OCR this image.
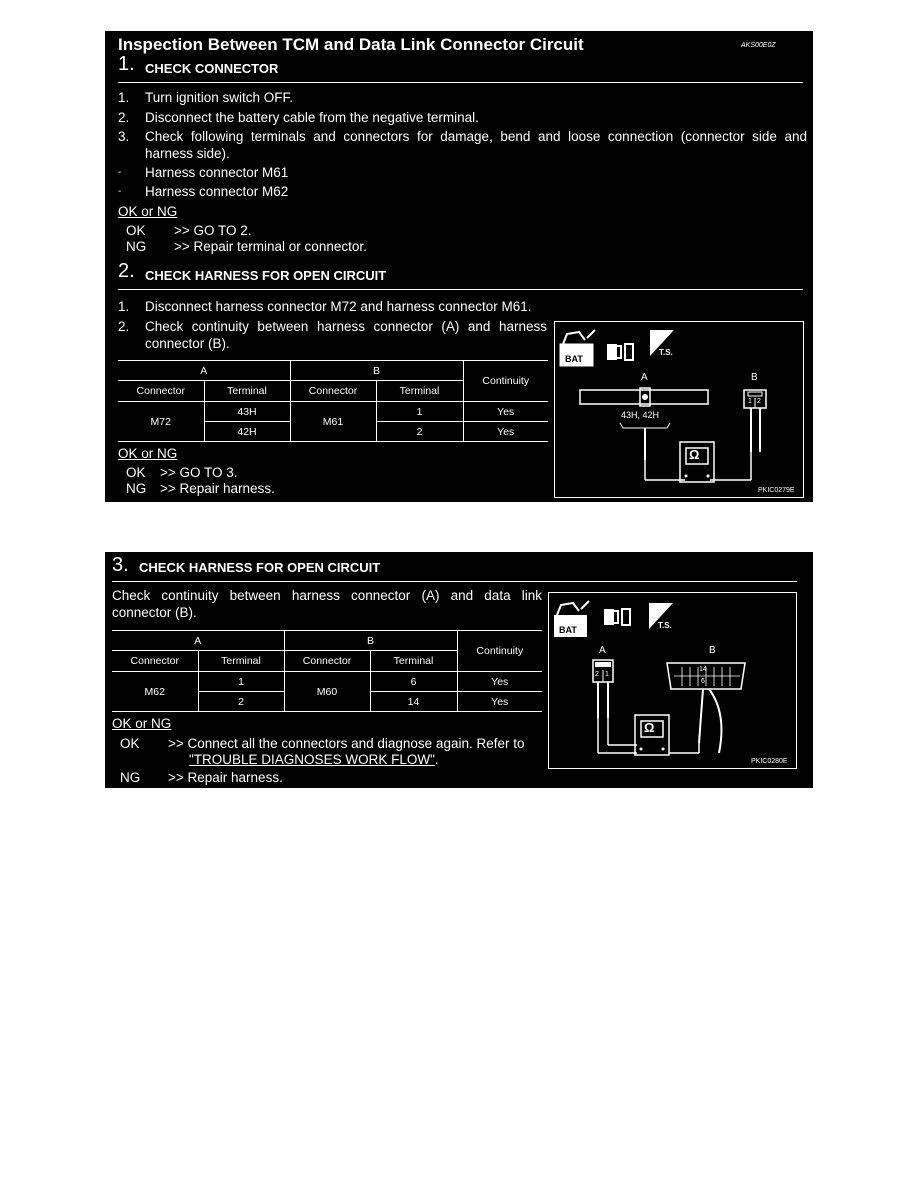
Inspection Between TCM and Data Link Connector Circuit	AKS00E0Z
1. CHECK CONNECTOR
1. Turn ignition switch OFF.
2. Disconnect the battery cable from the negative terminal.
3. Check following terminals and connectors for damage, bend and loose connection (connector side and harness side).
- Harness connector M61
- Harness connector M62
OK or NG
OK >> GO TO 2.
NG >> Repair terminal or connector.
2. CHECK HARNESS FOR OPEN CIRCUIT
1. Disconnect harness connector M72 and harness connector M61.
2. Check continuity between harness connector (A) and harness connector (B).
A		B		Continuity
Connector	Terminal	Connector	Terminal	
M72	43H	M61	1	Yes
	42H		2	Yes
OK or NG
OK >> GO TO 3.
NG >> Repair harness.
BAT
T.S.
A	B
43H, 42H
1 2
Ω
PKIC0279E
3. CHECK HARNESS FOR OPEN CIRCUIT
Check continuity between harness connector (A) and data link connector (B).
A		B		Continuity
Connector	Terminal	Connector	Terminal	
M62	1	M60	6	Yes
	2		14	Yes
OK or NG
OK >> Connect all the connectors and diagnose again. Refer to
"TROUBLE DIAGNOSES WORK FLOW".
NG >> Repair harness.
BAT	T.S.
A	B
2 1
14
6
Ω
PKIC0280E
